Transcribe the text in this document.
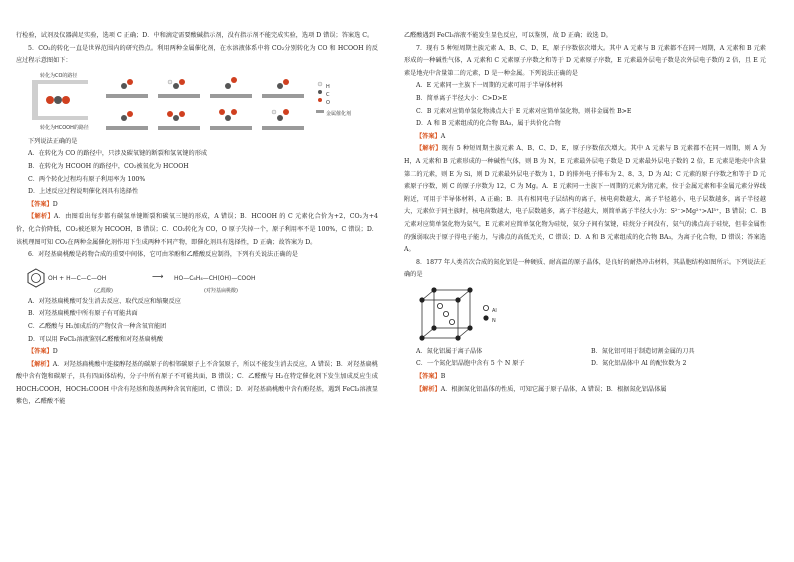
行检验，试剂及仪器满足实验，选项 C 正确；D．中和滴定需要酸碱指示剂，没有指示剂不能完成实验，选项 D 错误；答案选 C。

5．CO₂的转化一直是世界范围内的研究热点。利用两种金属催化剂，在水溶液体系中将 CO₂分别转化为 CO 和 HCOOH 的反应过程示意图如下：

转化为CO的路径
转化为HCOOH的路径
H
C
O
金属催化剂

下列说法正确的是

A．在转化为 CO 的路径中，只涉及碳氧键的断裂和氢氧键的形成

B．在转化为 HCOOH 的路径中，CO₂被氧化为 HCOOH

C．两个转化过程均有原子利用率为 100%

D．上述反应过程说明催化剂具有选择性

【答案】D

【解析】A．由图看出每步都有碳氢单键断裂和碳氧三键的形成，A 错误；B．HCOOH 的 C 元素化合价为+2，CO₂为+4 价，化合价降低，CO₂被还原为 HCOOH，B 错误；C．CO₂转化为 CO，O 原子失掉一个，原子利用率不是 100%，C 错误；D．该机理图可知 CO₂在两种金属催化剂作用下生成两种不同产物，即催化剂具有选择性，D 正确；故答案为 D。

6．对羟基扁桃酸是药物合成的重要中间体，它可由苯酚和乙醛酸反应制得，下列有关说法正确的是

OH + H—C—C—OH
(乙醛酸)
⟶ HO—C₆H₄—CH(OH)—COOH
(对羟基扁桃酸)

A．对羟基扁桃酸可发生消去反应、取代反应和缩聚反应

B．对羟基扁桃酸中所有原子有可能共面

C．乙醛酸与 H₂加成后的产物仅含一种含氧官能团

D．可以用 FeCl₃溶液鉴别乙醛酸和对羟基扁桃酸

【答案】D

【解析】A．对羟基扁桃酸中连接醇羟基的碳原子的相邻碳原子上不含氢原子，所以不能发生消去反应，A 错误；B．对羟基扁桃酸中含有饱和碳原子，具有四面体结构，分子中所有原子不可能共面，B 错误；C．乙醛酸与 H₂在特定催化剂下发生加成反应生成 HOCH₂COOH，HOCH₂COOH 中含有羟基和羧基两种含氧官能团，C 错误；D．对羟基扁桃酸中含有酚羟基，遇到 FeCl₃溶液显紫色，乙醛酸不能

乙醛酸遇到 FeCl₃溶液不能发生显色反应，可以鉴别，故 D 正确；故选 D。

7．现有 5 种短周期主族元素 A、B、C、D、E，原子序数依次增大。其中 A 元素与 B 元素都不在同一周期，A 元素和 B 元素形成的一种碱性气体，A 元素和 C 元素原子序数之和等于 D 元素原子序数，E 元素最外层电子数是次外层电子数的 2 倍，且 E 元素是地壳中含量第二的元素，D 是一种金属。下列说法正确的是

A．E 元素同一主族下一周期的元素可用于半导体材料

B．简单离子半径大小：C>D>E

C．B 元素对应简单氢化物沸点大于 E 元素对应简单氢化物，则非金属性 B>E

D．A 和 B 元素组成的化合物 BA₃，属于共价化合物

【答案】A

【解析】现有 5 种短周期主族元素 A、B、C、D、E，原子序数依次增大。其中 A 元素与 B 元素都不在同一周期，则 A 为 H，A 元素和 B 元素形成的一种碱性气体，则 B 为 N，E 元素最外层电子数是 D 元素最外层电子数的 2 倍，E 元素是地壳中含量第二的元素，则 E 为 Si，则 D 元素最外层电子数为 1，D 的排外电子排布为 2、8、3，D 为 Al；C 元素的原子序数之和等于 D 元素原子序数，则 C 的原子序数为 12，C 为 Mg。A．E 元素同一主族下一周期的元素为锗元素，位于金属元素和非金属元素分界线附近，可用于半导体材料，A 正确；B．具有相同电子层结构的离子，核电荷数越大，离子半径越小，电子层数越多，离子半径越大，元素位于同主族时，核电荷数越大，电子层数越多，离子半径越大，则简单离子半径大小为：S²⁻>Mg²⁺>Al³⁺，B 错误；C．B 元素对应简单氢化物为氨气，E 元素对应简单氢化物为硅烷，氨分子间有氢键，硅烷分子间没有，氨气的沸点高于硅烷，但非金属性的强弱取决于原子得电子能力，与沸点的高低无关，C 错误；D．A 和 B 元素组成的化合物 BA₃，为离子化合物，D 错误；答案选 A。

8．1877 年人类首次合成的氮化铝是一种硬质、耐高温的原子晶体，是良好的耐热冲击材料，其晶胞结构如图所示。下列说法正确的是

Al
N
A．氮化铝属于离子晶体	B．氮化铝可用于制造切割金属的刀具
C．一个氮化铝晶胞中含有 5 个 N 原子	D．氮化铝晶体中 Al 的配位数为 2

【答案】B

【解析】A．根据氮化铝晶体的性质，可知它属于原子晶体，A 错误；B．根据氮化铝晶体属
